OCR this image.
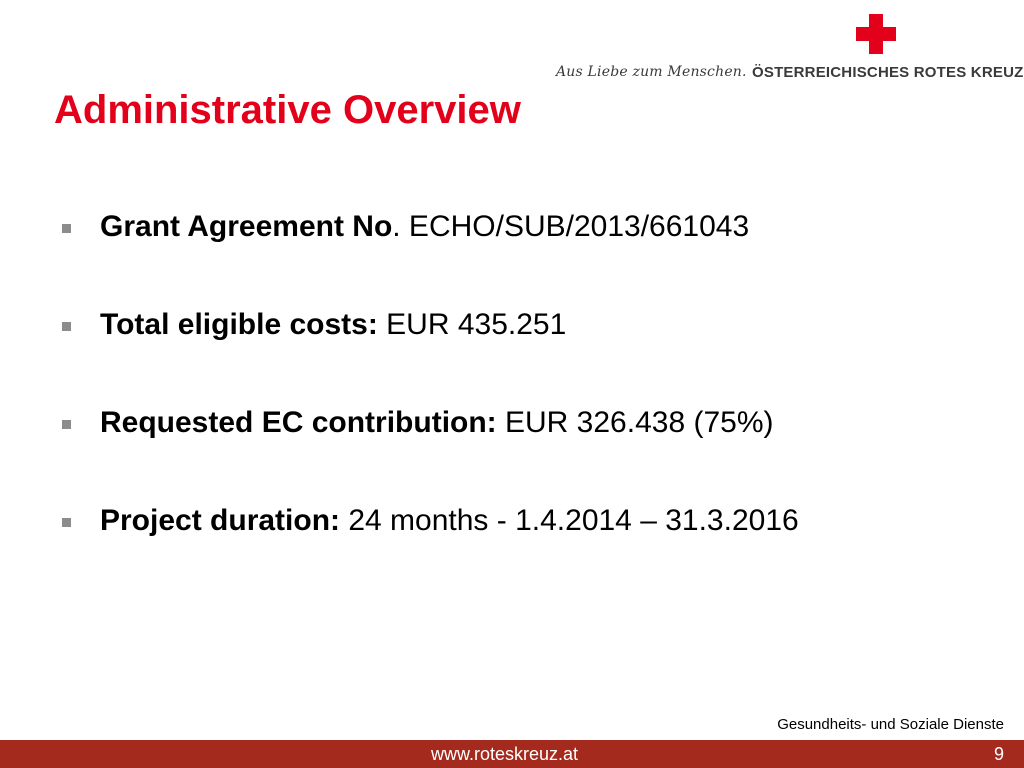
Aus Liebe zum Menschen. ÖSTERREICHISCHES ROTES KREUZ
Administrative Overview
Grant Agreement No. ECHO/SUB/2013/661043
Total eligible costs: EUR 435.251
Requested EC contribution: EUR 326.438 (75%)
Project duration: 24 months - 1.4.2014 – 31.3.2016
Gesundheits- und Soziale Dienste
www.roteskreuz.at	9
